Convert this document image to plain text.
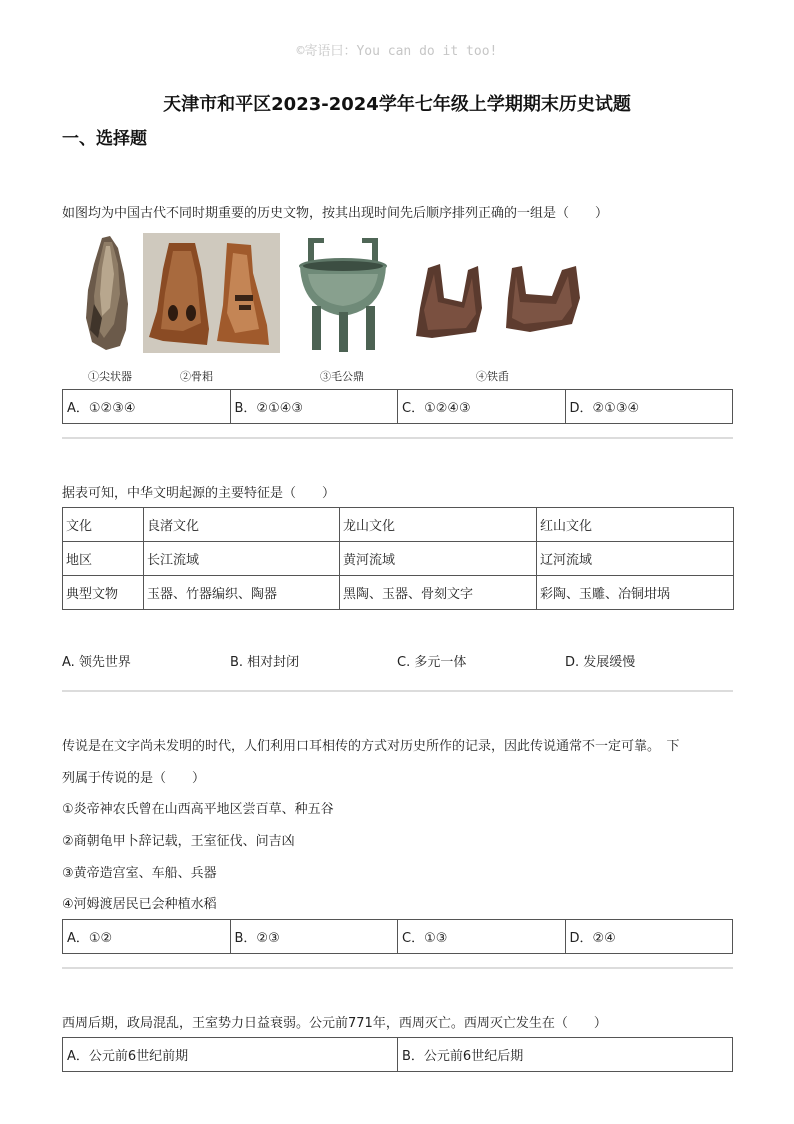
©寄语曰：You can do it too!
天津市和平区2023-2024学年七年级上学期期末历史试题
一、选择题
如图均为中国古代不同时期重要的历史文物，按其出现时间先后顺序排列正确的一组是（　　）
①尖状器	②骨耜	③毛公鼎	④铁臿
A．①②③④	B．②①④③	C．①②④③	D．②①③④
据表可知，中华文明起源的主要特征是（　　）
文化	良渚文化	龙山文化	红山文化
地区	长江流域	黄河流域	辽河流域
典型文物	玉器、竹器编织、陶器	黑陶、玉器、骨刻文字	彩陶、玉雕、冶铜坩埚
A. 领先世界	B. 相对封闭	C. 多元一体	D. 发展缓慢
传说是在文字尚未发明的时代，人们利用口耳相传的方式对历史所作的记录，因此传说通常不一定可靠。　下
列属于传说的是（　　）
①炎帝神农氏曾在山西高平地区尝百草、种五谷
②商朝龟甲卜辞记载，王室征伐、问吉凶
③黄帝造宫室、车船、兵器
④河姆渡居民已会种植水稻
A．①②	B．②③	C．①③	D．②④
西周后期，政局混乱，王室势力日益衰弱。公元前771年，西周灭亡。西周灭亡发生在（　　）
A．公元前6世纪前期	B．公元前6世纪后期
